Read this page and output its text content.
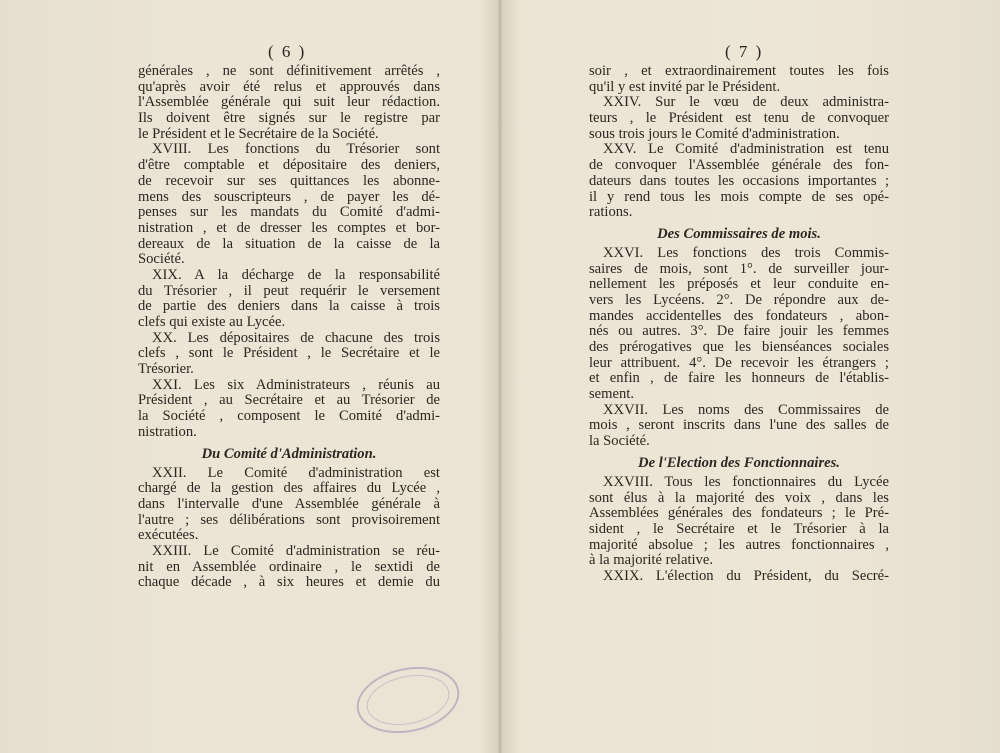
( 6 )
générales , ne sont définitivement arrêtés ,
qu'après avoir été relus et approuvés dans
l'Assemblée générale qui suit leur rédaction.
Ils doivent être signés sur le registre par
le Président et le Secrétaire de la Société.
XVIII. Les fonctions du Trésorier sont
d'être comptable et dépositaire des deniers,
de recevoir sur ses quittances les abonne-
mens des souscripteurs , de payer les dé-
penses sur les mandats du Comité d'admi-
nistration , et de dresser les comptes et bor-
dereaux de la situation de la caisse de la
Société.
XIX. A la décharge de la responsabilité
du Trésorier , il peut requérir le versement
de partie des deniers dans la caisse à trois
clefs qui existe au Lycée.
XX. Les dépositaires de chacune des trois
clefs , sont le Président , le Secrétaire et le
Trésorier.
XXI. Les six Administrateurs , réunis au
Président , au Secrétaire et au Trésorier de
la Société , composent le Comité d'admi-
nistration.
Du Comité d'Administration.
XXII. Le Comité d'administration est
chargé de la gestion des affaires du Lycée ,
dans l'intervalle d'une Assemblée générale à
l'autre ; ses délibérations sont provisoirement
exécutées.
XXIII. Le Comité d'administration se réu-
nit en Assemblée ordinaire , le sextidi de
chaque décade , à six heures et demie du
( 7 )
soir , et extraordinairement toutes les fois
qu'il y est invité par le Président.
XXIV. Sur le vœu de deux administra-
teurs , le Président est tenu de convoquer
sous trois jours le Comité d'administration.
XXV. Le Comité d'administration est tenu
de convoquer l'Assemblée générale des fon-
dateurs dans toutes les occasions importantes ;
il y rend tous les mois compte de ses opé-
rations.
Des Commissaires de mois.
XXVI. Les fonctions des trois Commis-
saires de mois, sont 1°. de surveiller jour-
nellement les préposés et leur conduite en-
vers les Lycéens. 2°. De répondre aux de-
mandes accidentelles des fondateurs , abon-
nés ou autres. 3°. De faire jouir les femmes
des prérogatives que les bienséances sociales
leur attribuent. 4°. De recevoir les étrangers ;
et enfin , de faire les honneurs de l'établis-
sement.
XXVII. Les noms des Commissaires de
mois , seront inscrits dans l'une des salles de
la Société.
De l'Election des Fonctionnaires.
XXVIII. Tous les fonctionnaires du Lycée
sont élus à la majorité des voix , dans les
Assemblées générales des fondateurs ; le Pré-
sident , le Secrétaire et le Trésorier à la
majorité absolue ; les autres fonctionnaires ,
à la majorité relative.
XXIX. L'élection du Président, du Secré-
